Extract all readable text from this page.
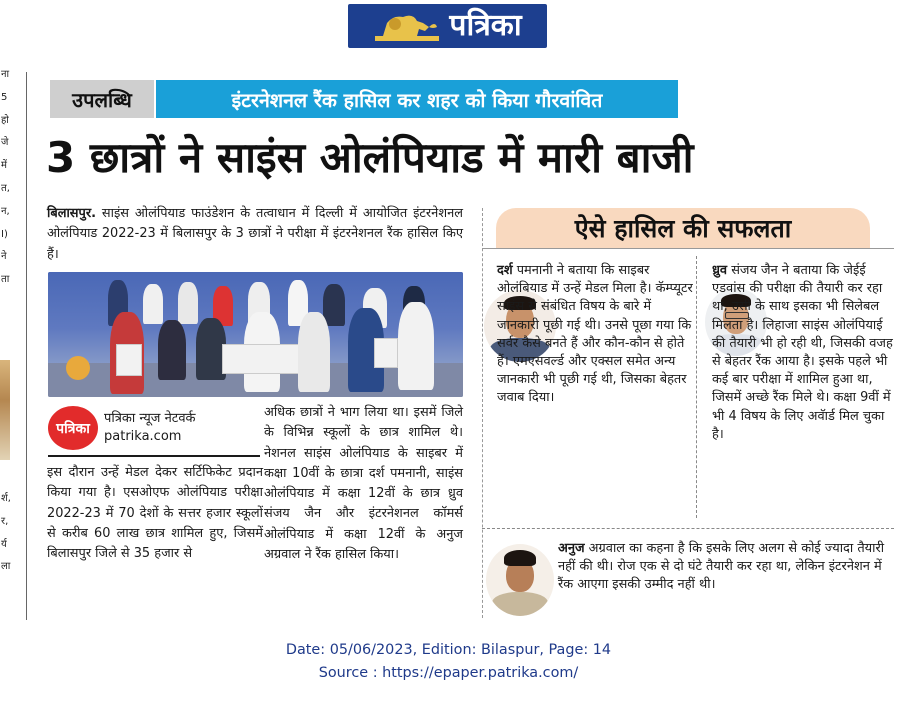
पत्रिका
ना
5
हो
जे
में
त,
न,
I)
ने
ता
र्श,
र,
र्य
ला
उपलब्धि	इंटरनेशनल रैंक हासिल कर शहर को किया गौरवांवित
3 छात्रों ने साइंस ओलंपियाड में मारी बाजी
बिलासपुर. साइंस ओलंपियाड फाउंडेशन के तत्वाधान में दिल्ली में आयोजित इंटरनेशनल ओलंपियाड 2022-23 में बिलासपुर के 3 छात्रों ने परीक्षा में इंटरनेशनल रैंक हासिल किए हैं।
पत्रिका
पत्रिका न्यूज नेटवर्क
patrika.com
इस दौरान उन्हें मेडल देकर सर्टिफिकेट प्रदान किया गया है। एसओएफ ओलंपियाड परीक्षा 2022-23 में 70 देशों के सत्तर हजार स्कूलों से करीब 60 लाख छात्र शामिल हुए, जिसमें बिलासपुर जिले से 35 हजार से
अधिक छात्रों ने भाग लिया था। इसमें जिले के विभिन्न स्कूलों के छात्र शामिल थे। नेशनल साइंस ओलंपियाड के साइबर में कक्षा 10वीं के छात्रा दर्श पमनानी, साइंस ओलंपियाड में कक्षा 12वीं के छात्र ध्रुव संजय जैन और इंटरनेशनल कॉमर्स ओलंपियाड में कक्षा 12वीं के अनुज अग्रवाल ने रैंक हासिल किया।
ऐसे हासिल की सफलता
दर्श पमनानी ने बताया कि साइबर ओलंबियाड में उन्हें मेडल मिला है। कॅम्प्यूटर साइंस से संबंधित विषय के बारे में जानकारी पूछी गई थी। उनसे पूछा गया कि सर्वर कैसे बनते हैं और कौन-कौन से होते हैं। एमएसवर्ल्ड और एक्सल समेत अन्य जानकारी भी पूछी गई थी, जिसका बेहतर जवाब दिया।
ध्रुव संजय जैन ने बताया कि जेईई एडवांस की परीक्षा की तैयारी कर रहा था, उसी के साथ इसका भी सिलेबल मिलता है। लिहाजा साइंस ओलंपियाई की तैयारी भी हो रही थी, जिसकी वजह से बेहतर रैंक आया है। इसके पहले भी कई बार परीक्षा में शामिल हुआ था, जिसमें अच्छे रैंक मिले थे। कक्षा 9वीं में भी 4 विषय के लिए अवॅार्ड मिल चुका है।
अनुज अग्रवाल का कहना है कि इसके लिए अलग से कोई ज्यादा तैयारी नहीं की थी। रोज एक से दो घंटे तैयारी कर रहा था, लेकिन इंटरनेशन में रैंक आएगा इसकी उम्मीद नहीं थी।
Date: 05/06/2023, Edition: Bilaspur, Page: 14
Source : https://epaper.patrika.com/
